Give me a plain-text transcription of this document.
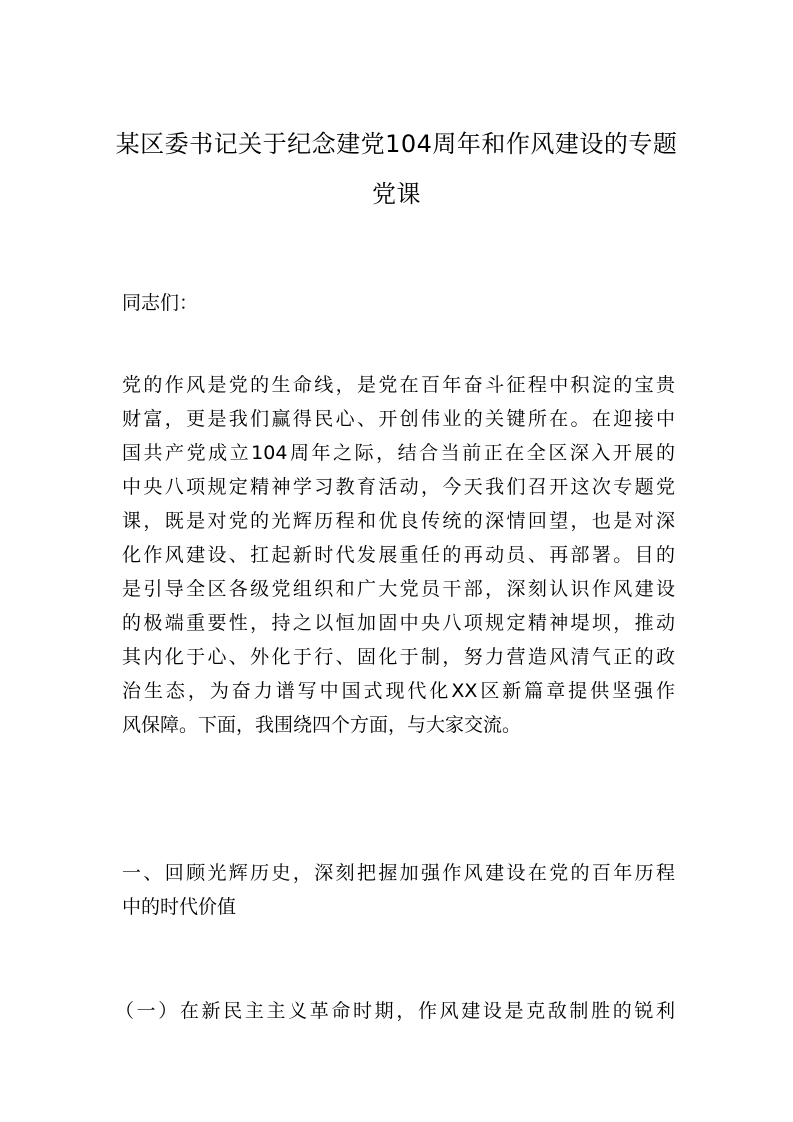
某区委书记关于纪念建党104周年和作风建设的专题
党课
同志们：
党的作风是党的生命线，是党在百年奋斗征程中积淀的宝贵
财富，更是我们赢得民心、开创伟业的关键所在。在迎接中
国共产党成立104周年之际，结合当前正在全区深入开展的
中央八项规定精神学习教育活动，今天我们召开这次专题党
课，既是对党的光辉历程和优良传统的深情回望，也是对深
化作风建设、扛起新时代发展重任的再动员、再部署。目的
是引导全区各级党组织和广大党员干部，深刻认识作风建设
的极端重要性，持之以恒加固中央八项规定精神堤坝，推动
其内化于心、外化于行、固化于制，努力营造风清气正的政
治生态，为奋力谱写中国式现代化XX区新篇章提供坚强作
风保障。下面，我围绕四个方面，与大家交流。
一、回顾光辉历史，深刻把握加强作风建设在党的百年历程
中的时代价值
（一）在新民主主义革命时期，作风建设是克敌制胜的锐利
